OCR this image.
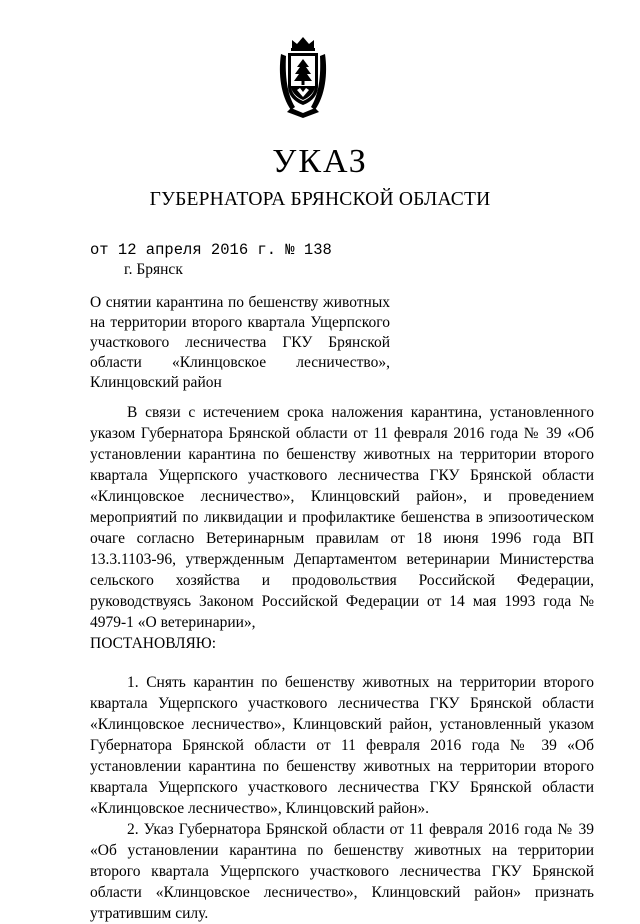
УКАЗ
ГУБЕРНАТОРА БРЯНСКОЙ ОБЛАСТИ
от 12 апреля 2016 г. № 138
г. Брянск
О снятии карантина по бешенству животных на территории второго квартала Ущерпского участкового лесничества ГКУ Брянской области «Клинцовское лесничество», Клинцовский район

В связи с истечением срока наложения карантина, установленного указом Губернатора Брянской области от 11 февраля 2016 года № 39 «Об установлении карантина по бешенству животных на территории второго квартала Ущерпского участкового лесничества ГКУ Брянской области «Клинцовское лесничество», Клинцовский район», и проведением мероприятий по ликвидации и профилактике бешенства в эпизоотическом очаге согласно Ветеринарным правилам от 18 июня 1996 года ВП 13.3.1103-96, утвержденным Департаментом ветеринарии Министерства сельского хозяйства и продовольствия Российской Федерации, руководствуясь Законом Российской Федерации от 14 мая 1993 года № 4979-1 «О ветеринарии»,

ПОСТАНОВЛЯЮ:

1. Снять карантин по бешенству животных на территории второго квартала Ущерпского участкового лесничества ГКУ Брянской области «Клинцовское лесничество», Клинцовский район, установленный указом Губернатора Брянской области от 11 февраля 2016 года № 39 «Об установлении карантина по бешенству животных на территории второго квартала Ущерпского участкового лесничества ГКУ Брянской области «Клинцовское лесничество», Клинцовский район».

2. Указ Губернатора Брянской области от 11 февраля 2016 года № 39 «Об установлении карантина по бешенству животных на территории второго квартала Ущерпского участкового лесничества ГКУ Брянской области «Клинцовское лесничество», Клинцовский район» признать утратившим силу.
